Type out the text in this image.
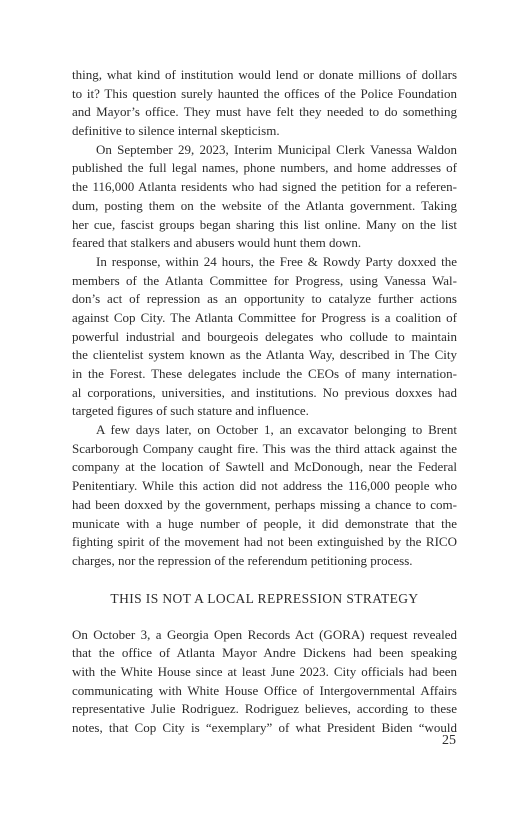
thing, what kind of institution would lend or donate millions of dollars
to it? This question surely haunted the offices of the Police Foundation
and Mayor’s office. They must have felt they needed to do something
definitive to silence internal skepticism.
On September 29, 2023, Interim Municipal Clerk Vanessa Waldon
published the full legal names, phone numbers, and home addresses of
the 116,000 Atlanta residents who had signed the petition for a referen-
dum, posting them on the website of the Atlanta government. Taking
her cue, fascist groups began sharing this list online. Many on the list
feared that stalkers and abusers would hunt them down.
In response, within 24 hours, the Free & Rowdy Party doxxed the
members of the Atlanta Committee for Progress, using Vanessa Wal-
don’s act of repression as an opportunity to catalyze further actions
against Cop City. The Atlanta Committee for Progress is a coalition of
powerful industrial and bourgeois delegates who collude to maintain
the clientelist system known as the Atlanta Way, described in The City
in the Forest. These delegates include the CEOs of many internation-
al corporations, universities, and institutions. No previous doxxes had
targeted figures of such stature and influence.
A few days later, on October 1, an excavator belonging to Brent
Scarborough Company caught fire. This was the third attack against the
company at the location of Sawtell and McDonough, near the Federal
Penitentiary. While this action did not address the 116,000 people who
had been doxxed by the government, perhaps missing a chance to com-
municate with a huge number of people, it did demonstrate that the
fighting spirit of the movement had not been extinguished by the RICO
charges, nor the repression of the referendum petitioning process.
THIS IS NOT A LOCAL REPRESSION STRATEGY
On October 3, a Georgia Open Records Act (GORA) request revealed
that the office of Atlanta Mayor Andre Dickens had been speaking
with the White House since at least June 2023. City officials had been
communicating with White House Office of Intergovernmental Affairs
representative Julie Rodriguez. Rodriguez believes, according to these
notes, that Cop City is “exemplary” of what President Biden “would
25
